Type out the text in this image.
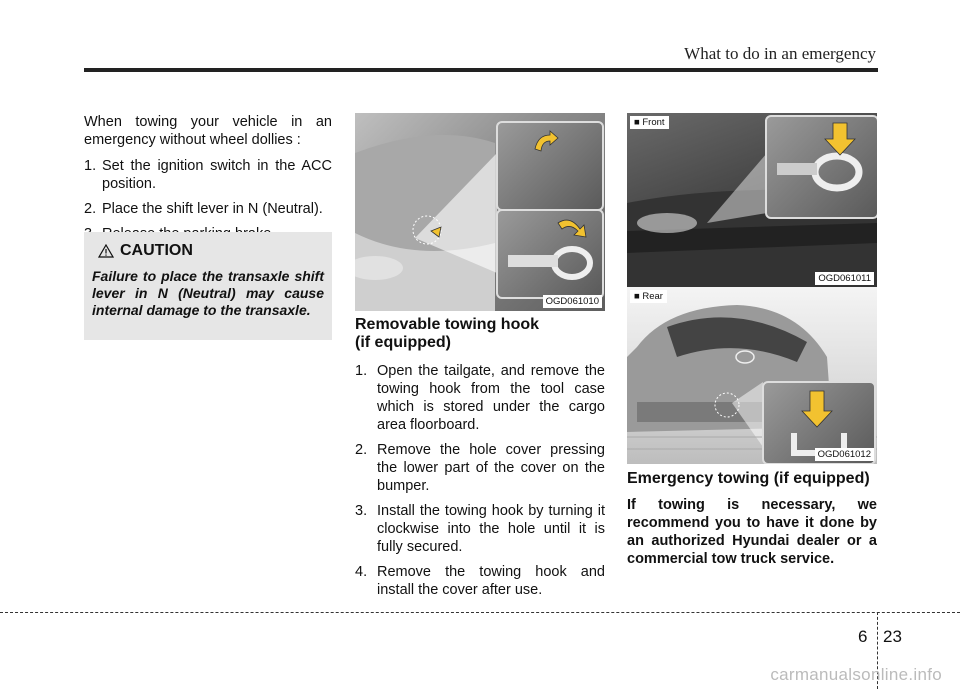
What to do in an emergency

When towing your vehicle in an emergency without wheel dollies :

1. Set the ignition switch in the ACC position.
2. Place the shift lever in N (Neutral).
CAUTION
Failure to place the transaxle shift lever in N (Neutral) may cause internal damage to the transaxle.
OGD061010
Removable towing hook
(if equipped)
1. Open the tailgate, and remove the towing hook from the tool case which is stored under the cargo area floorboard.
2. Remove the hole cover pressing the lower part of the cover on the bumper.
3. Install the towing hook by turning it clockwise into the hole until it is fully secured.
4. Remove the towing hook and install the cover after use.
■ Front
OGD061011
■ Rear
OGD061012
Emergency towing (if equipped)
If towing is necessary, we recommend you to have it done by an authorized Hyundai dealer or a commercial tow truck service.
6 23
carmanualsonline.info
